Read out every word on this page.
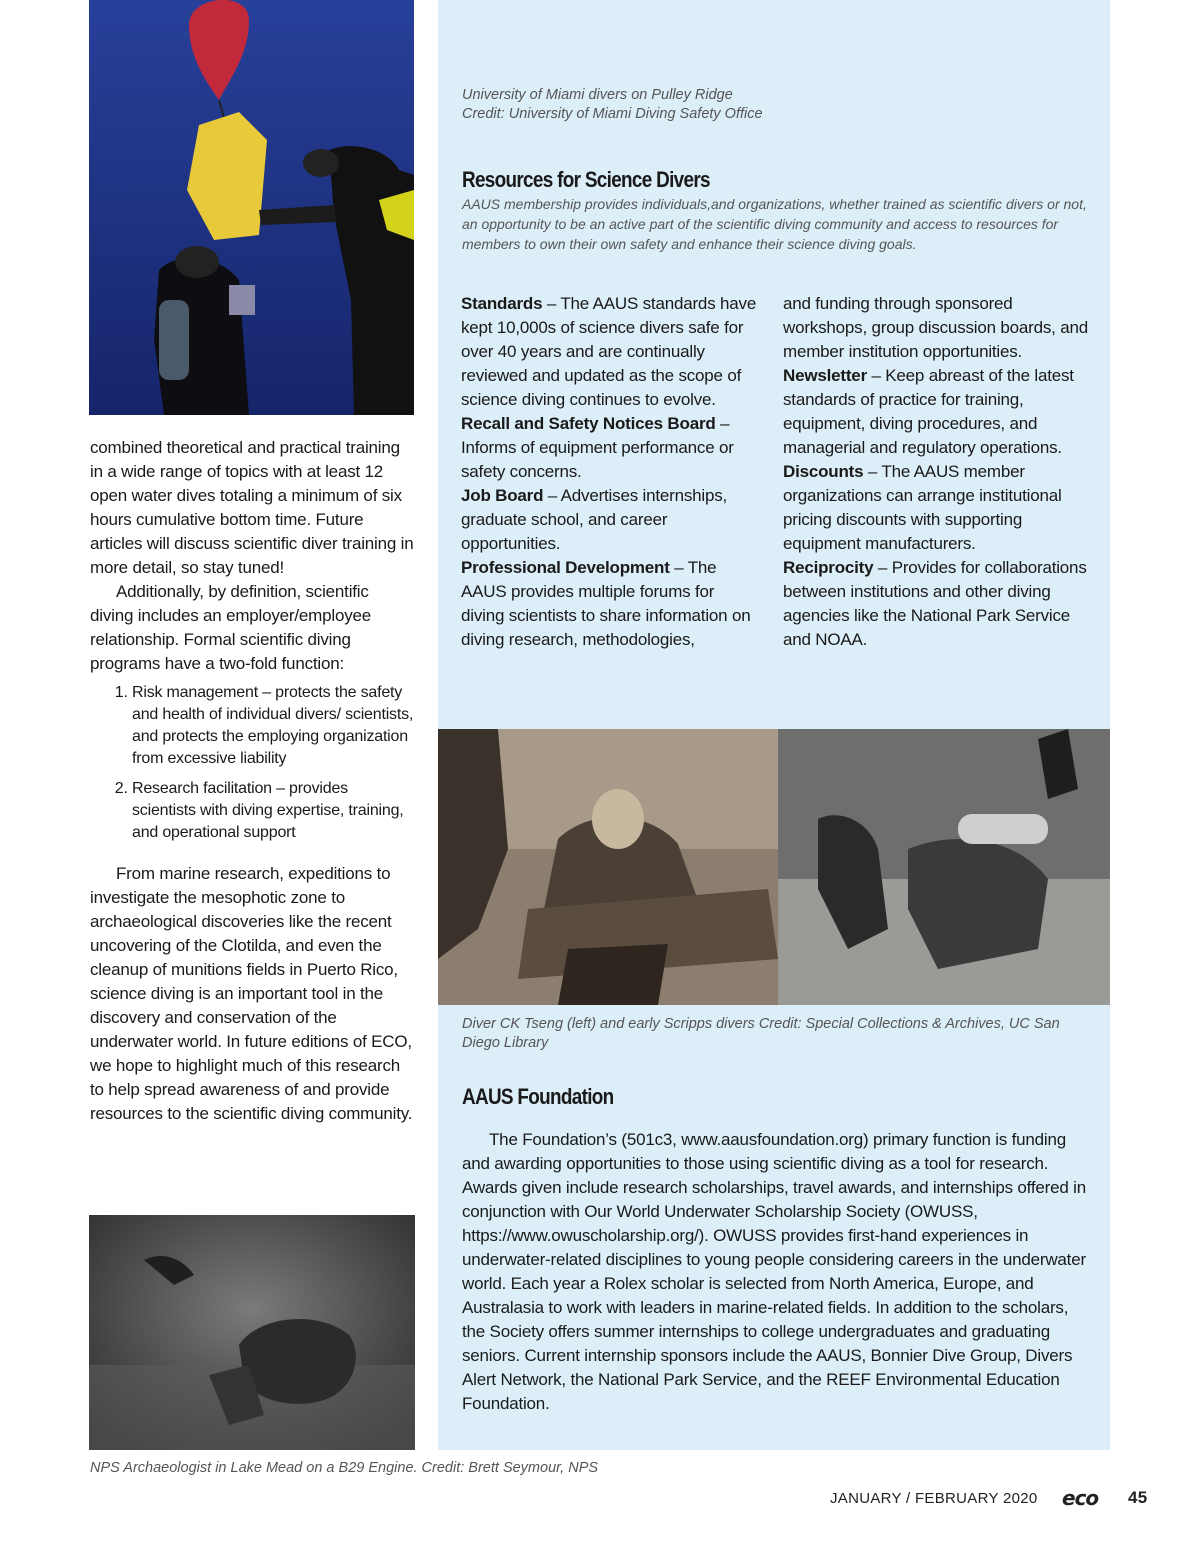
combined theoretical and practical training in a wide range of topics with at least 12 open water dives totaling a minimum of six hours cumulative bottom time. Future articles will discuss scientific diver training in more detail, so stay tuned!

Additionally, by definition, scientific diving includes an employer/employee relationship. Formal scientific diving programs have a two-fold function:

1. Risk management – protects the safety and health of individual divers/ scientists, and protects the employing organization from excessive liability
2. Research facilitation – provides scientists with diving expertise, training, and operational support

From marine research, expeditions to investigate the mesophotic zone to archaeological discoveries like the recent uncovering of the Clotilda, and even the cleanup of munitions fields in Puerto Rico, science diving is an important tool in the discovery and conservation of the underwater world. In future editions of ECO, we hope to highlight much of this research to help spread awareness of and provide resources to the scientific diving community.

University of Miami divers on Pulley Ridge
Credit: University of Miami Diving Safety Office
Resources for Science Divers
AAUS membership provides individuals,and organizations, whether trained as scientific divers or not, an opportunity to be an active part of the scientific diving community and access to resources for members to own their own safety and enhance their science diving goals.

Standards – The AAUS standards have kept 10,000s of science divers safe for over 40 years and are continually reviewed and updated as the scope of science diving continues to evolve.

Recall and Safety Notices Board – Informs of equipment performance or safety concerns.

Job Board – Advertises internships, graduate school, and career opportunities.

Professional Development – The AAUS provides multiple forums for diving scientists to share information on diving research, methodologies,

and funding through sponsored workshops, group discussion boards, and member institution opportunities.

Newsletter – Keep abreast of the latest standards of practice for training, equipment, diving procedures, and managerial and regulatory operations.

Discounts – The AAUS member organizations can arrange institutional pricing discounts with supporting equipment manufacturers.

Reciprocity – Provides for collaborations between institutions and other diving agencies like the National Park Service and NOAA.

Diver CK Tseng (left) and early Scripps divers Credit: Special Collections & Archives, UC San Diego Library
AAUS Foundation

The Foundation’s (501c3, www.aausfoundation.org) primary function is funding and awarding opportunities to those using scientific diving as a tool for research. Awards given include research scholarships, travel awards, and internships offered in conjunction with Our World Underwater Scholarship Society (OWUSS, https://www.owuscholarship.org/). OWUSS provides first-hand experiences in underwater-related disciplines to young people considering careers in the underwater world. Each year a Rolex scholar is selected from North America, Europe, and Australasia to work with leaders in marine-related fields. In addition to the scholars, the Society offers summer internships to college undergraduates and graduating seniors. Current internship sponsors include the AAUS, Bonnier Dive Group, Divers Alert Network, the National Park Service, and the REEF Environmental Education Foundation.

NPS Archaeologist in Lake Mead on a B29 Engine. Credit: Brett Seymour, NPS
JANUARY / FEBRUARY 2020 eco 45
